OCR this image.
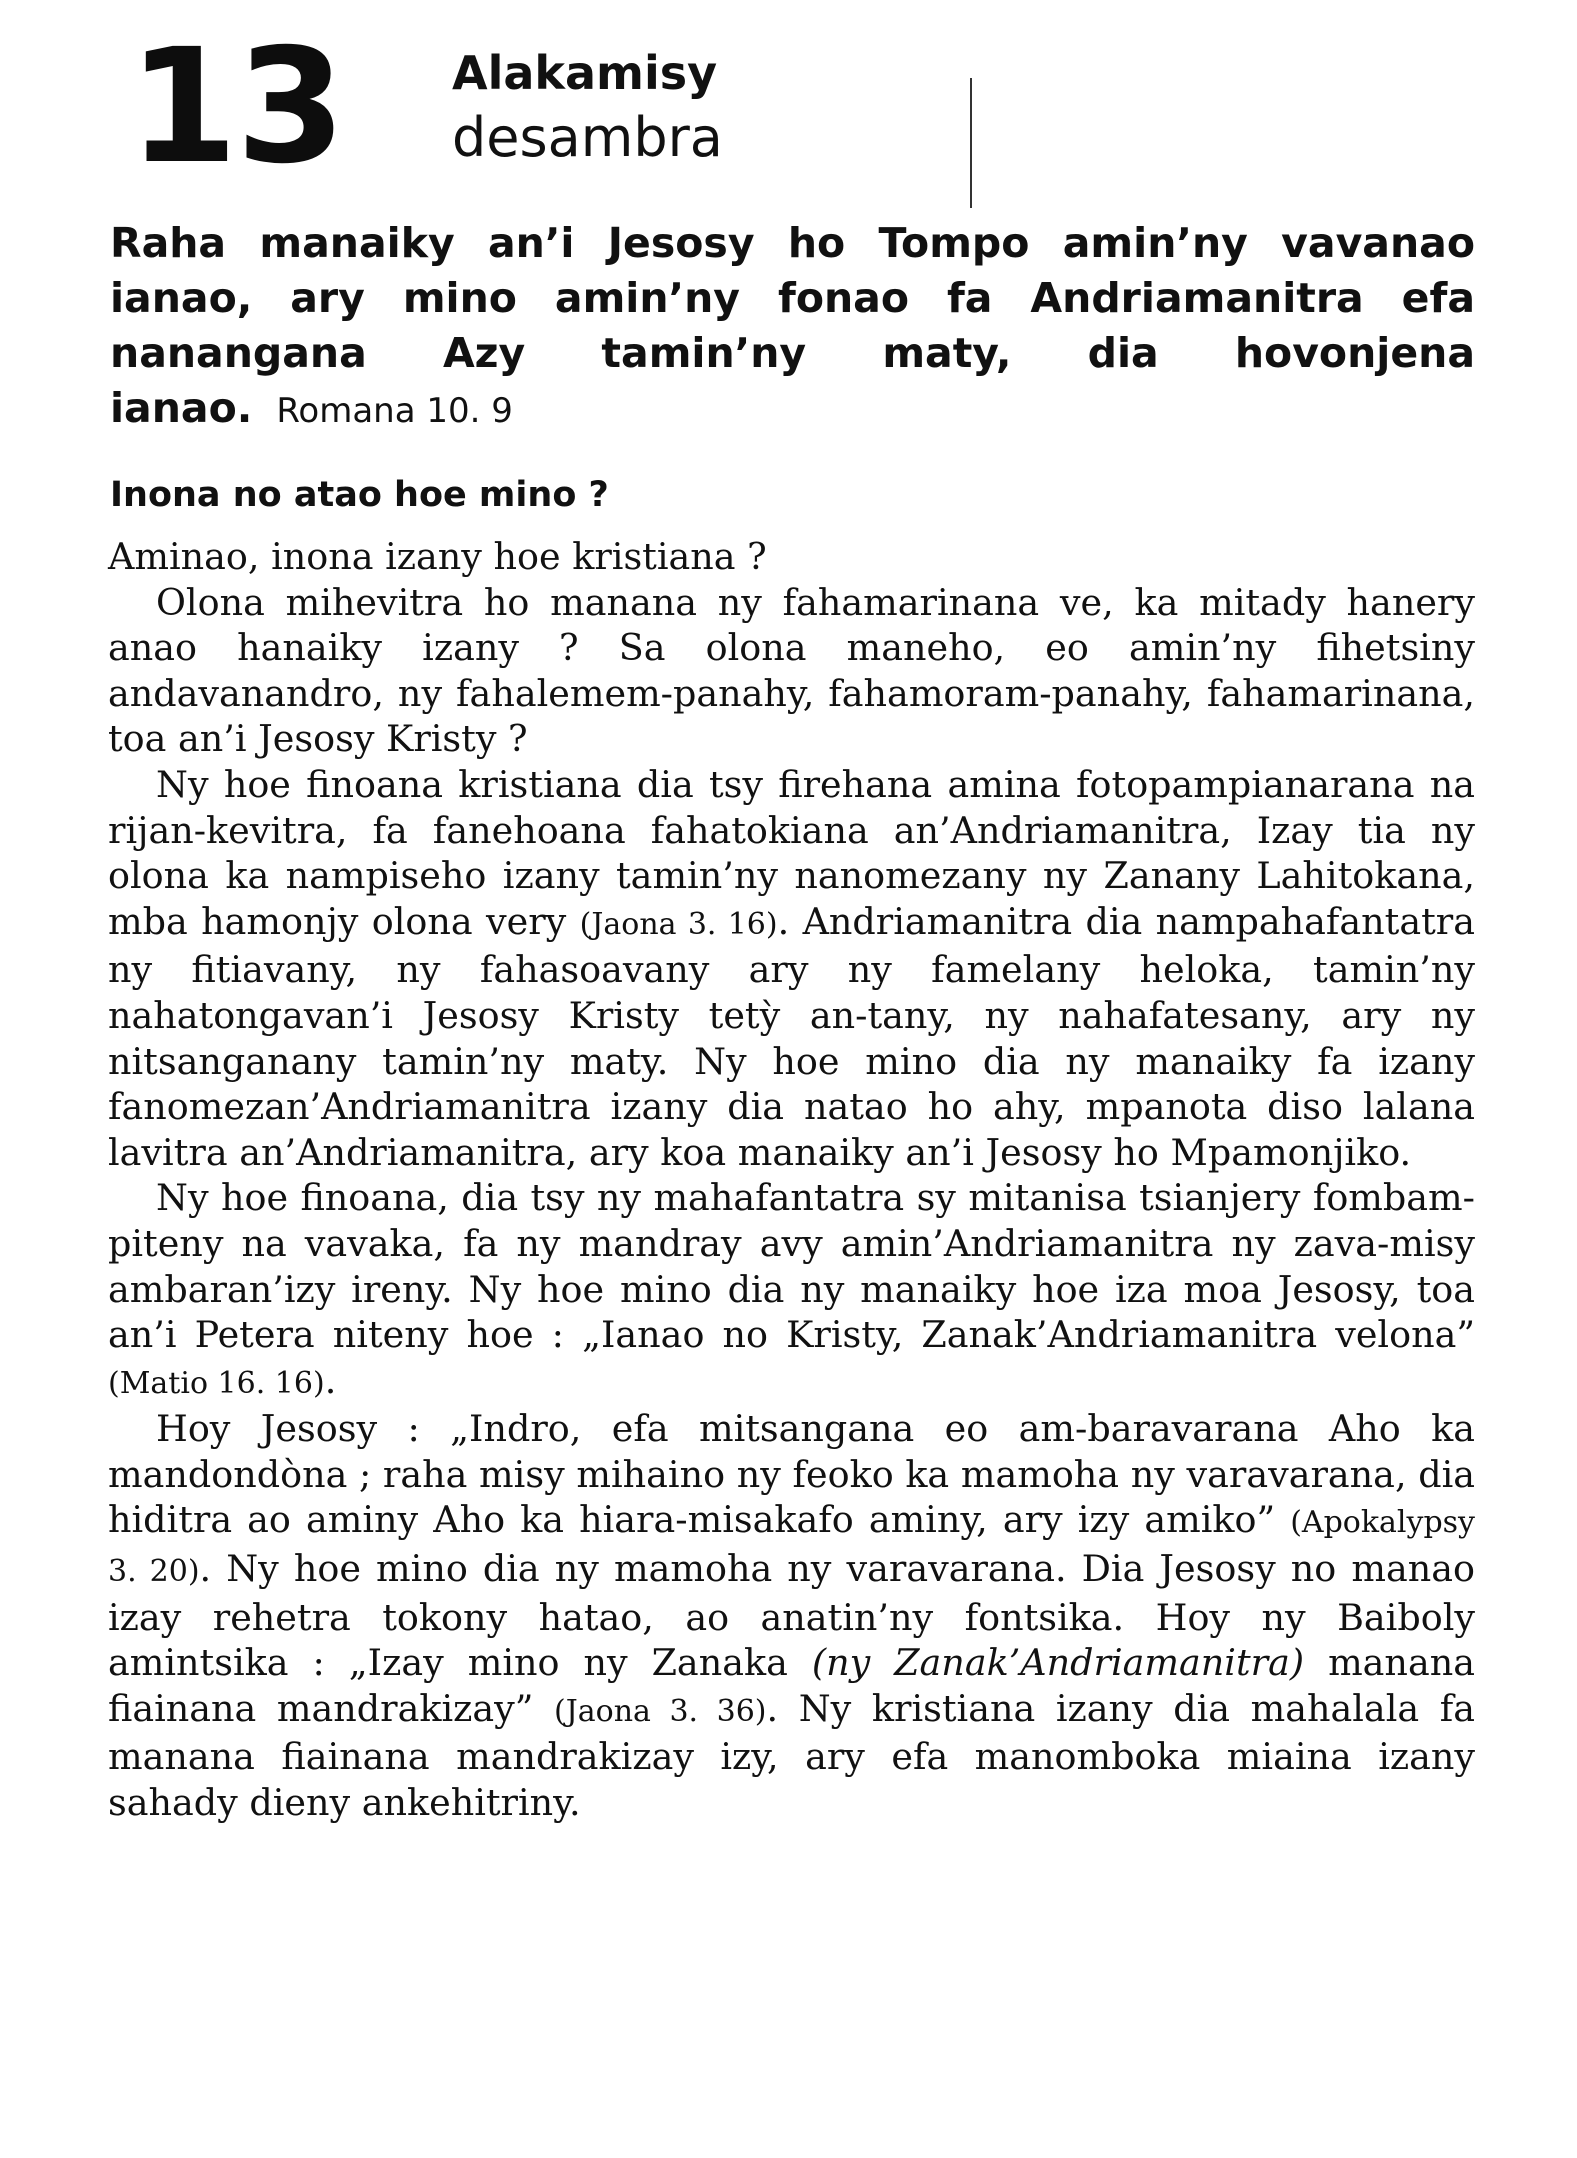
13 Alakamisy
desambra
Raha manaiky an’i Jesosy ho Tompo amin’ny vavanao ianao, ary mino amin’ny fonao fa Andriamanitra efa nanangana Azy tamin’ny maty, dia hovonjena ianao. Romana 10. 9
Inona no atao hoe mino ?

Aminao, inona izany hoe kristiana ?

Olona mihevitra ho manana ny fahamarinana ve, ka mitady hanery anao hanaiky izany ? Sa olona maneho, eo amin’ny fihetsiny andavanandro, ny fahalemem-panahy, fahamoram-panahy, fahamarinana, toa an’i Jesosy Kristy ?

Ny hoe finoana kristiana dia tsy firehana amina fotopampianarana na rijan-kevitra, fa fanehoana fahatokiana an’Andriamanitra, Izay tia ny olona ka nampiseho izany tamin’ny nanomezany ny Zanany Lahitokana, mba hamonjy olona very (Jaona 3. 16). Andriamanitra dia nampahafantatra ny fitiavany, ny fahasoavany ary ny famelany heloka, tamin’ny nahatongavan’i Jesosy Kristy tetỳ an-tany, ny nahafatesany, ary ny nitsanganany tamin’ny maty. Ny hoe mino dia ny manaiky fa izany fanomezan’Andriamanitra izany dia natao ho ahy, mpanota diso lalana lavitra an’Andriamanitra, ary koa manaiky an’i Jesosy ho Mpamonjiko.

Ny hoe finoana, dia tsy ny mahafantatra sy mitanisa tsianjery fombam-piteny na vavaka, fa ny mandray avy amin’Andriamanitra ny zava-misy ambaran’izy ireny. Ny hoe mino dia ny manaiky hoe iza moa Jesosy, toa an’i Petera niteny hoe : „Ianao no Kristy, Zanak’Andriamanitra velona” (Matio 16. 16).

Hoy Jesosy : „Indro, efa mitsangana eo am-baravarana Aho ka mandondòna ; raha misy mihaino ny feoko ka mamoha ny varavarana, dia hiditra ao aminy Aho ka hiara-misakafo aminy, ary izy amiko” (Apokalypsy 3. 20). Ny hoe mino dia ny mamoha ny varavarana. Dia Jesosy no manao izay rehetra tokony hatao, ao anatin’ny fontsika. Hoy ny Baiboly amintsika : „Izay mino ny Zanaka (ny Zanak’Andriamanitra) manana fiainana mandrakizay” (Jaona 3. 36). Ny kristiana izany dia mahalala fa manana fiainana mandrakizay izy, ary efa manomboka miaina izany sahady dieny ankehitriny.
